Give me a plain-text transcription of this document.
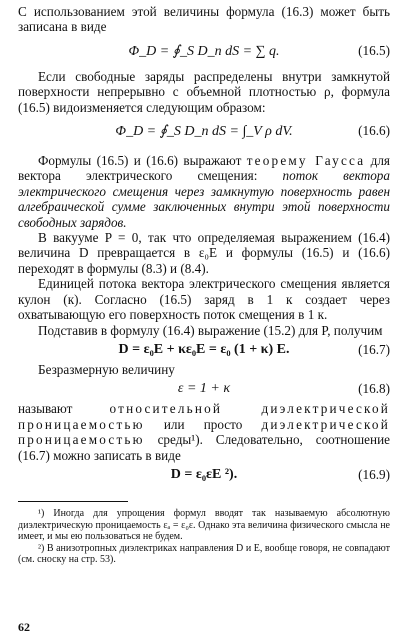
С использованием этой величины формула (16.3) может быть записана в виде

Φ_D = ∮_S D_n dS = ∑ q.	(16.5)

Если свободные заряды распределены внутри замкнутой поверхности непрерывно с объемной плотностью ρ, формула (16.5) видоизменяется следующим образом:

Φ_D = ∮_S D_n dS = ∫_V ρ dV.	(16.6)

Формулы (16.5) и (16.6) выражают теорему Гаусса для вектора электрического смещения: поток вектора электрического смещения через замкнутую поверхность равен алгебраической сумме заключенных внутри этой поверхности свободных зарядов.

В вакууме P = 0, так что определяемая выражением (16.4) величина D превращается в ε₀E и формулы (16.5) и (16.6) переходят в формулы (8.3) и (8.4).

Единицей потока вектора электрического смещения является кулон (к). Согласно (16.5) заряд в 1 к создает через охватывающую его поверхность поток смещения в 1 к.

Подставив в формулу (16.4) выражение (15.2) для P, получим

D = ε₀E + κε₀E = ε₀ (1 + κ) E.	(16.7)

Безразмерную величину

ε = 1 + κ	(16.8)

называют относительной диэлектрической проницаемостью или просто диэлектрической проницаемостью среды¹). Следовательно, соотношение (16.7) можно записать в виде

D = ε₀εE ²).	(16.9)

¹) Иногда для упрощения формул вводят так называемую абсолютную диэлектрическую проницаемость εₐ = ε₀ε. Однако эта величина физического смысла не имеет, и мы ею пользоваться не будем.

²) В анизотропных диэлектриках направления D и E, вообще говоря, не совпадают (см. сноску на стр. 53).

62
